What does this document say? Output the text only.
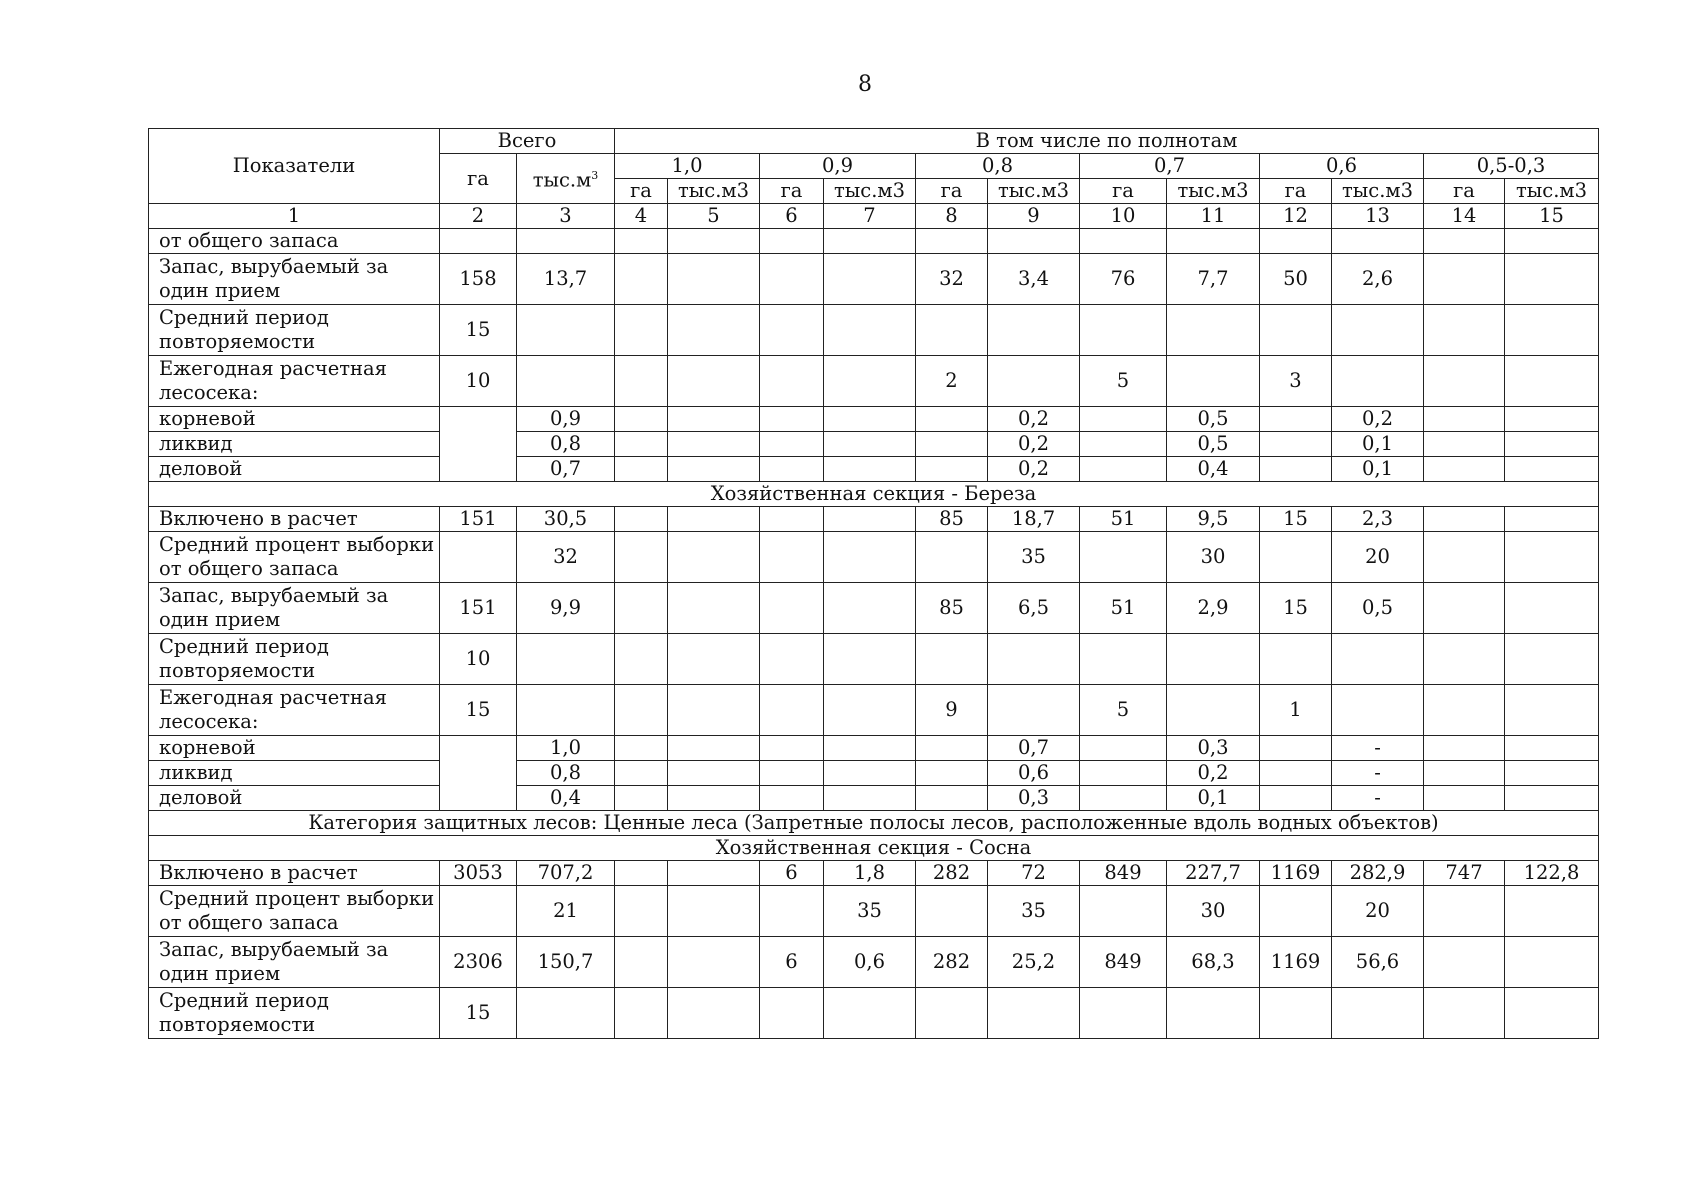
8
Показатели	Всего		В том числе по полнотам											
	га	$тыс.м^3$	1,0		0,9		0,8		0,7		0,6		0,5-0,3	
			га	тыс.м3	га	тыс.м3	га	тыс.м3	га	тыс.м3	га	тыс.м3	га	тыс.м3
1	2	3	4	5	6	7	8	9	10	11	12	13	14	15
от общего запаса														
Запас, вырубаемый за один прием	158	13,7					32	3,4	76	7,7	50	2,6		
Средний период повторяемости	15													
Ежегодная расчетная лесосека:	10						2		5		3			
корневой		0,9						0,2		0,5		0,2		
ликвид		0,8						0,2		0,5		0,1		
деловой		0,7						0,2		0,4		0,1		
Хозяйственная секция - Береза														
Включено в расчет	151	30,5					85	18,7	51	9,5	15	2,3		
Средний процент выборки от общего запаса		32						35		30		20		
Запас, вырубаемый за один прием	151	9,9					85	6,5	51	2,9	15	0,5		
Средний период повторяемости	10													
Ежегодная расчетная лесосека:	15						9		5		1			
корневой		1,0						0,7		0,3		-		
ликвид		0,8						0,6		0,2		-		
деловой		0,4						0,3		0,1		-		
Категория защитных лесов: Ценные леса (Запретные полосы лесов, расположенные вдоль водных объектов)														
Хозяйственная секция - Сосна														
Включено в расчет	3053	707,2			6	1,8	282	72	849	227,7	1169	282,9	747	122,8
Средний процент выборки от общего запаса		21				35		35		30		20		
Запас, вырубаемый за один прием	2306	150,7			6	0,6	282	25,2	849	68,3	1169	56,6		
Средний период повторяемости	15													
